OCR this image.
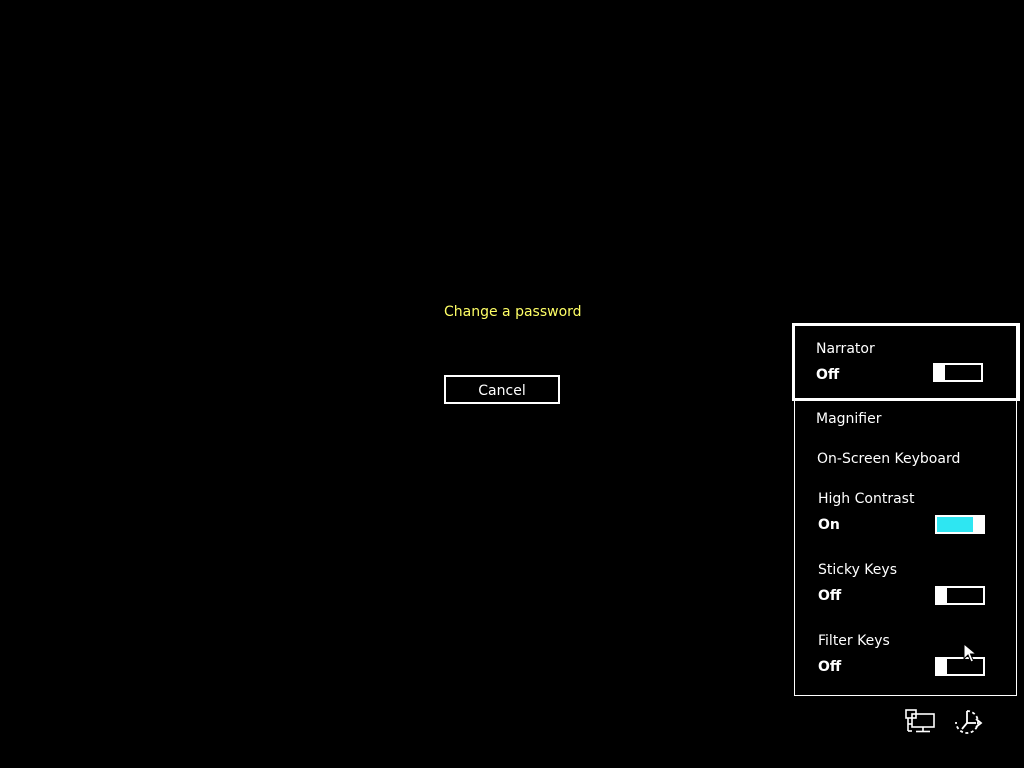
Change a password
Cancel
Narrator
Off
Magnifier
On-Screen Keyboard
High Contrast
On
Sticky Keys
Off
Filter Keys
Off
